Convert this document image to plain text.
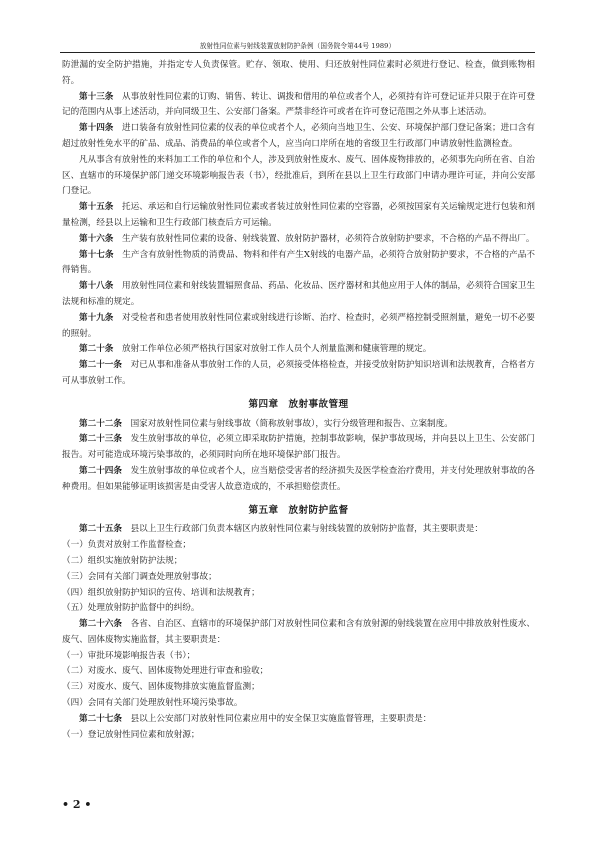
放射性同位素与射线装置放射防护条例（国务院令第44号 1989）

防泄漏的安全防护措施，并指定专人负责保管。贮存、领取、使用、归还放射性同位素时必须进行登记、检查，做到账物相符。

第十三条　从事放射性同位素的订购、销售、转让、调拨和借用的单位或者个人，必须持有许可登记证并只限于在许可登记的范围内从事上述活动，并向同级卫生、公安部门备案。严禁非经许可或者在许可登记范围之外从事上述活动。

第十四条　进口装备有放射性同位素的仪表的单位或者个人，必须向当地卫生、公安、环境保护部门登记备案；进口含有超过放射性免水平的矿品、成品、消费品的单位或者个人，应当向口岸所在地的省级卫生行政部门申请放射性监测检查。

凡从事含有放射性的来料加工工作的单位和个人，涉及到放射性废水、废气、固体废物排放的，必须事先向所在省、自治区、直辖市的环境保护部门递交环境影响报告表（书），经批准后，到所在县以上卫生行政部门申请办理许可证，并向公安部门登记。

第十五条　托运、承运和自行运输放射性同位素或者装过放射性同位素的空容器，必须按国家有关运输规定进行包装和剂量检测，经县以上运输和卫生行政部门核查后方可运输。

第十六条　生产装有放射性同位素的设备、射线装置、放射防护器材，必须符合放射防护要求，不合格的产品不得出厂。

第十七条　生产含有放射性物质的消费品、物料和伴有产生X射线的电器产品，必须符合放射防护要求，不合格的产品不得销售。

第十八条　用放射性同位素和射线装置辐照食品、药品、化妆品、医疗器材和其他应用于人体的制品，必须符合国家卫生法规和标准的规定。

第十九条　对受检者和患者使用放射性同位素或射线进行诊断、治疗、检查时，必须严格控制受照剂量，避免一切不必要的照射。

第二十条　放射工作单位必须严格执行国家对放射工作人员个人剂量监测和健康管理的规定。

第二十一条　对已从事和准备从事放射工作的人员，必须接受体格检查，并接受放射防护知识培训和法规教育，合格者方可从事放射工作。

第四章　放射事故管理

第二十二条　国家对放射性同位素与射线事故（简称放射事故），实行分级管理和报告、立案制度。

第二十三条　发生放射事故的单位，必须立即采取防护措施，控制事故影响，保护事故现场，并向县以上卫生、公安部门报告。对可能造成环境污染事故的，必须同时向所在地环境保护部门报告。

第二十四条　发生放射事故的单位或者个人，应当赔偿受害者的经济损失及医学检查治疗费用，并支付处理放射事故的各种费用。但如果能够证明该损害是由受害人故意造成的，不承担赔偿责任。

第五章　放射防护监督

第二十五条　县以上卫生行政部门负责本辖区内放射性同位素与射线装置的放射防护监督，其主要职责是：

（一）负责对放射工作监督检查；

（二）组织实施放射防护法规；

（三）会同有关部门调查处理放射事故；

（四）组织放射防护知识的宣传、培训和法规教育；

（五）处理放射防护监督中的纠纷。

第二十六条　各省、自治区、直辖市的环境保护部门对放射性同位素和含有放射源的射线装置在应用中排放放射性废水、废气、固体废物实施监督，其主要职责是：

（一）审批环境影响报告表（书）；

（二）对废水、废气、固体废物处理进行审查和验收；

（三）对废水、废气、固体废物排放实施监督监测；

（四）会同有关部门处理放射性环境污染事故。

第二十七条　县以上公安部门对放射性同位素应用中的安全保卫实施监督管理，主要职责是：

（一）登记放射性同位素和放射源；

• 2 •
